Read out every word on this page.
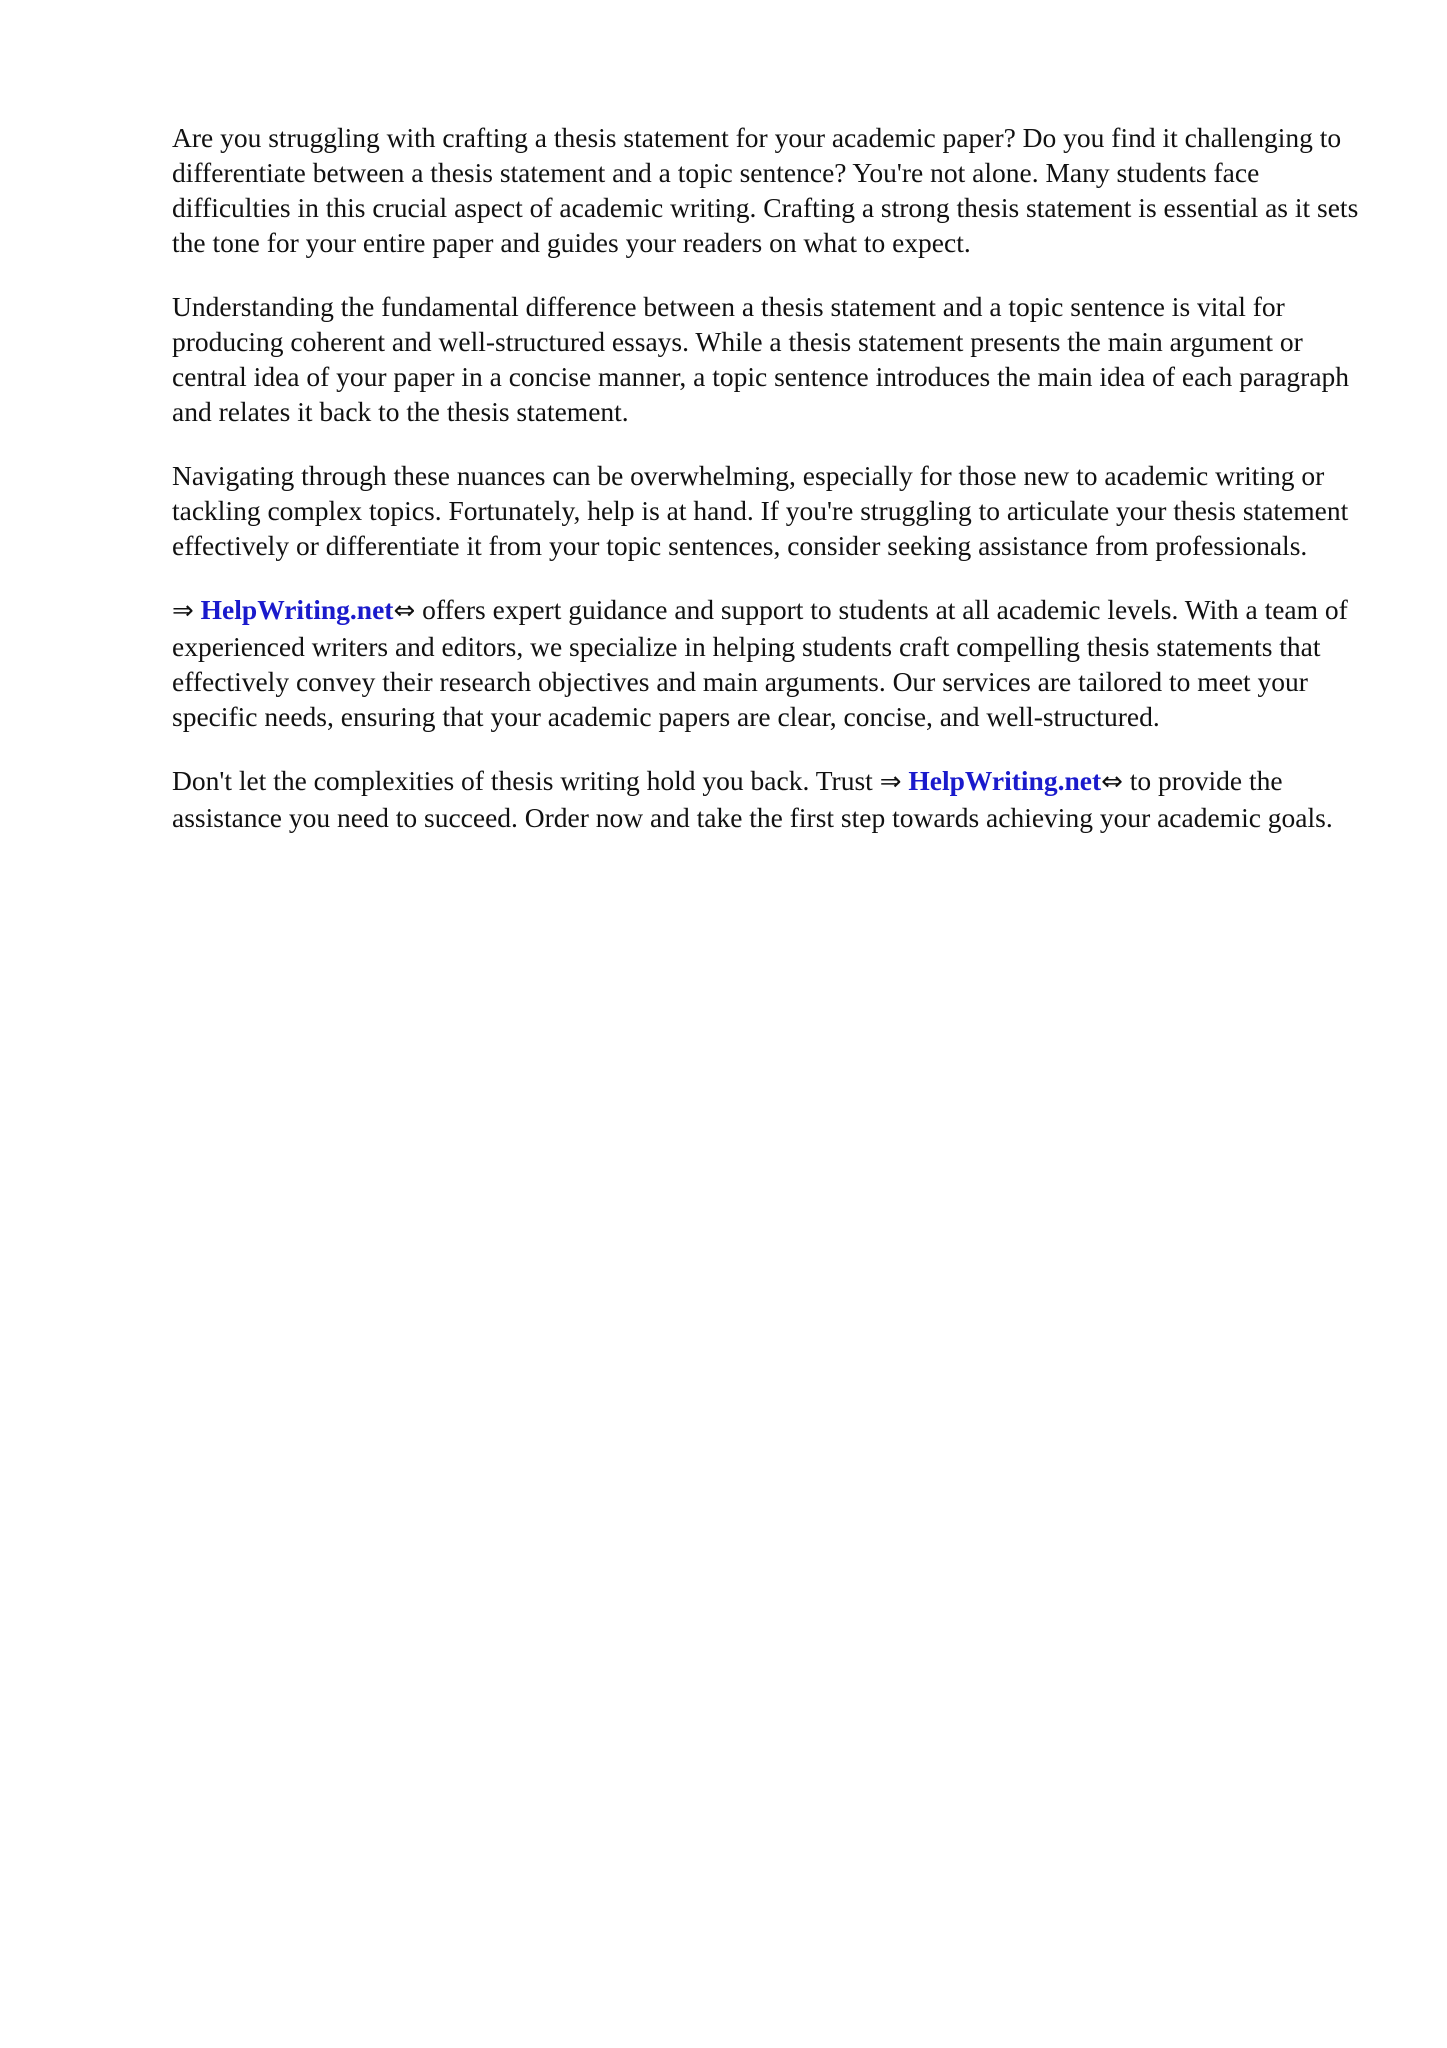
Are you struggling with crafting a thesis statement for your academic paper? Do you find it challenging to differentiate between a thesis statement and a topic sentence? You're not alone. Many students face difficulties in this crucial aspect of academic writing. Crafting a strong thesis statement is essential as it sets the tone for your entire paper and guides your readers on what to expect.

Understanding the fundamental difference between a thesis statement and a topic sentence is vital for producing coherent and well-structured essays. While a thesis statement presents the main argument or central idea of your paper in a concise manner, a topic sentence introduces the main idea of each paragraph and relates it back to the thesis statement.

Navigating through these nuances can be overwhelming, especially for those new to academic writing or tackling complex topics. Fortunately, help is at hand. If you're struggling to articulate your thesis statement effectively or differentiate it from your topic sentences, consider seeking assistance from professionals.

⇒ HelpWriting.net⇔ offers expert guidance and support to students at all academic levels. With a team of experienced writers and editors, we specialize in helping students craft compelling thesis statements that effectively convey their research objectives and main arguments. Our services are tailored to meet your specific needs, ensuring that your academic papers are clear, concise, and well-structured.

Don't let the complexities of thesis writing hold you back. Trust ⇒ HelpWriting.net⇔ to provide the assistance you need to succeed. Order now and take the first step towards achieving your academic goals.
